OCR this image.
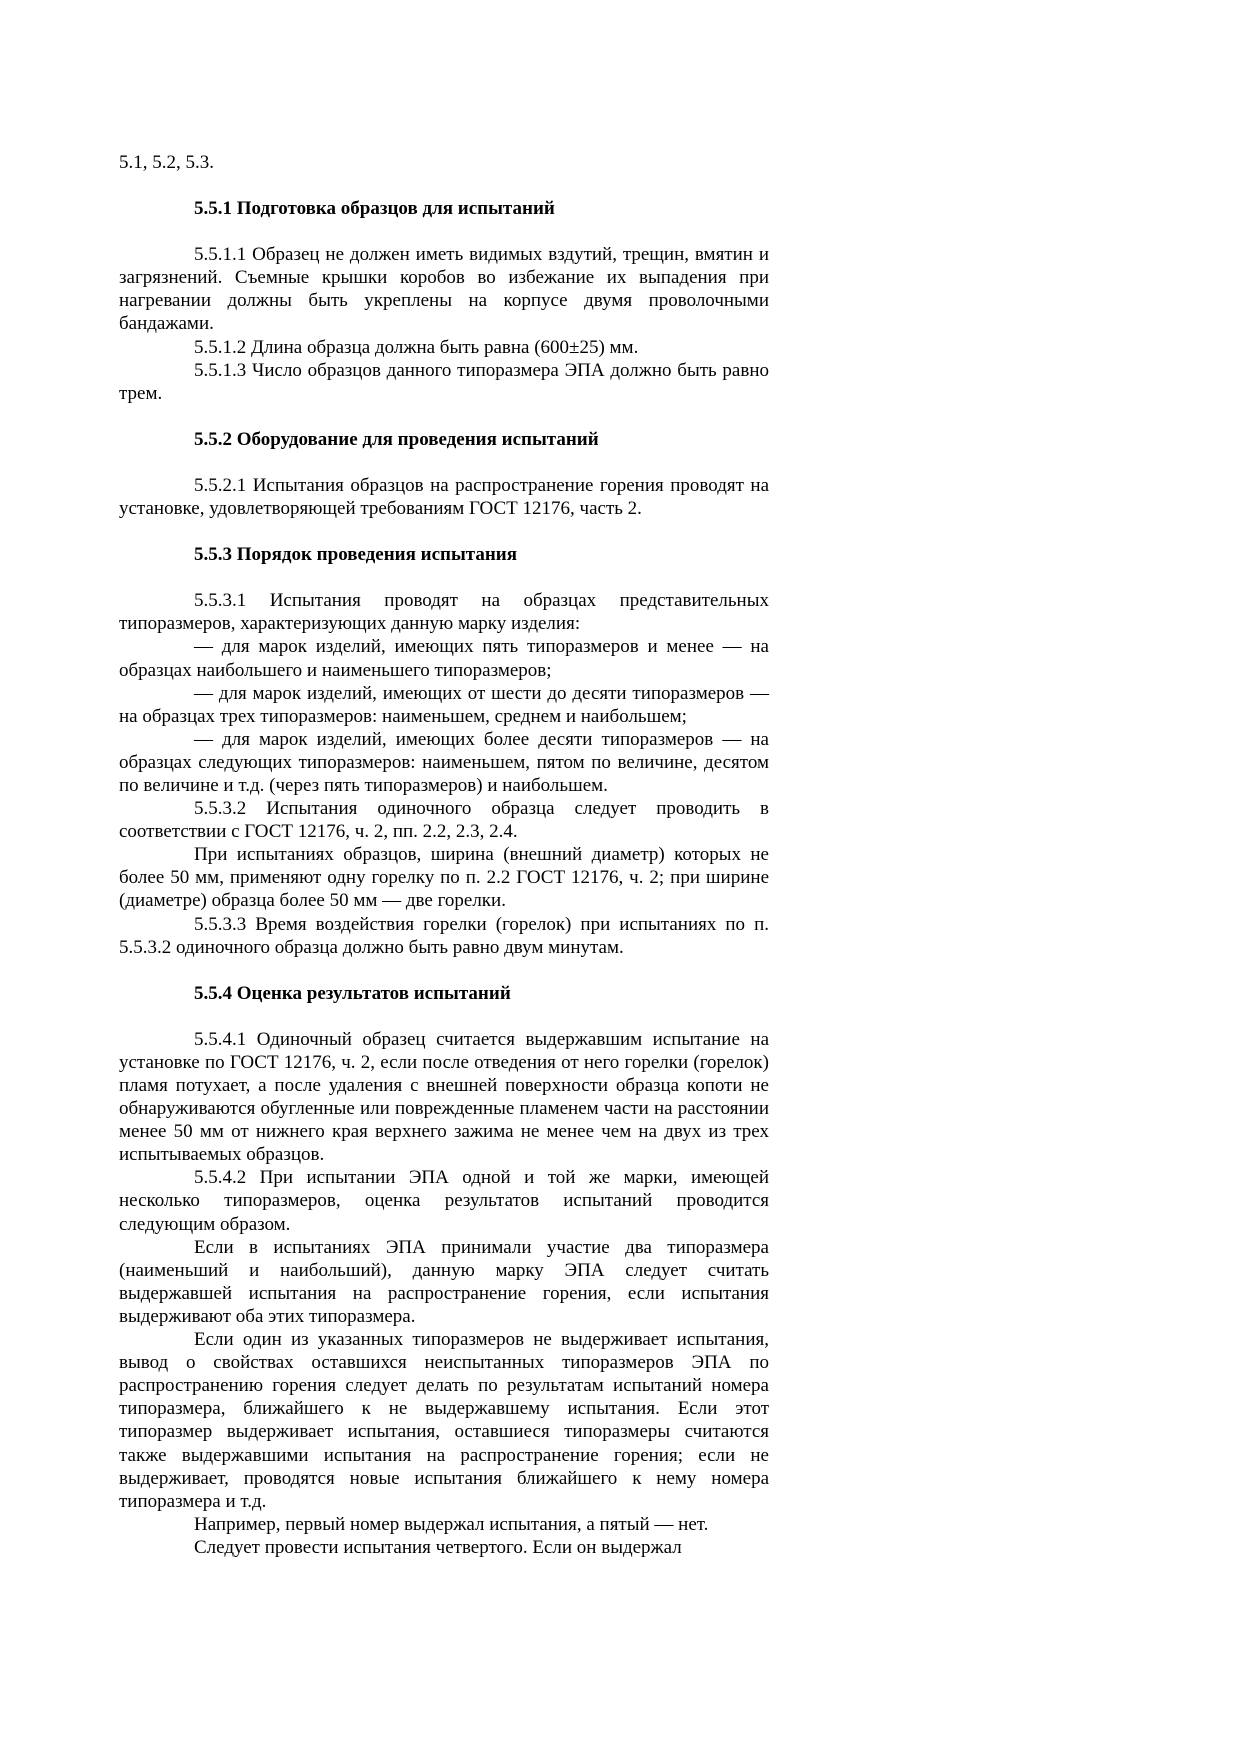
5.1, 5.2, 5.3.

5.5.1 Подготовка образцов для испытаний

5.5.1.1 Образец не должен иметь видимых вздутий, трещин, вмятин и загрязнений. Съемные крышки коробов во избежание их выпадения при нагревании должны быть укреплены на корпусе двумя проволочными бандажами.

5.5.1.2 Длина образца должна быть равна (600±25) мм.

5.5.1.3 Число образцов данного типоразмера ЭПА должно быть равно трем.

5.5.2 Оборудование для проведения испытаний

5.5.2.1 Испытания образцов на распространение горения проводят на установке, удовлетворяющей требованиям ГОСТ 12176, часть 2.

5.5.3 Порядок проведения испытания

5.5.3.1 Испытания проводят на образцах представительных типоразмеров, характеризующих данную марку изделия:

— для марок изделий, имеющих пять типоразмеров и менее — на образцах наибольшего и наименьшего типоразмеров;

— для марок изделий, имеющих от шести до десяти типоразмеров — на образцах трех типоразмеров: наименьшем, среднем и наибольшем;

— для марок изделий, имеющих более десяти типоразмеров — на образцах следующих типоразмеров: наименьшем, пятом по величине, десятом по величине и т.д. (через пять типоразмеров) и наибольшем.

5.5.3.2 Испытания одиночного образца следует проводить в соответствии с ГОСТ 12176, ч. 2, пп. 2.2, 2.3, 2.4.

При испытаниях образцов, ширина (внешний диаметр) которых не более 50 мм, применяют одну горелку по п. 2.2 ГОСТ 12176, ч. 2; при ширине (диаметре) образца более 50 мм — две горелки.

5.5.3.3 Время воздействия горелки (горелок) при испытаниях по п. 5.5.3.2 одиночного образца должно быть равно двум минутам.

5.5.4 Оценка результатов испытаний

5.5.4.1 Одиночный образец считается выдержавшим испытание на установке по ГОСТ 12176, ч. 2, если после отведения от него горелки (горелок) пламя потухает, а после удаления с внешней поверхности образца копоти не обнаруживаются обугленные или поврежденные пламенем части на расстоянии менее 50 мм от нижнего края верхнего зажима не менее чем на двух из трех испытываемых образцов.

5.5.4.2 При испытании ЭПА одной и той же марки, имеющей несколько типоразмеров, оценка результатов испытаний проводится следующим образом.

Если в испытаниях ЭПА принимали участие два типоразмера (наименьший и наибольший), данную марку ЭПА следует считать выдержавшей испытания на распространение горения, если испытания выдерживают оба этих типоразмера.

Если один из указанных типоразмеров не выдерживает испытания, вывод о свойствах оставшихся неиспытанных типоразмеров ЭПА по распространению горения следует делать по результатам испытаний номера типоразмера, ближайшего к не выдержавшему испытания. Если этот типоразмер выдерживает испытания, оставшиеся типоразмеры считаются также выдержавшими испытания на распространение горения; если не выдерживает, проводятся новые испытания ближайшего к нему номера типоразмера и т.д.

Например, первый номер выдержал испытания, а пятый — нет.

Следует провести испытания четвертого. Если он выдержал
